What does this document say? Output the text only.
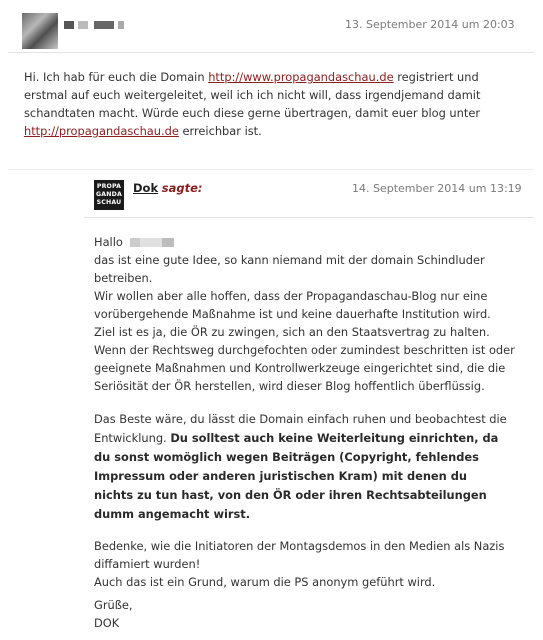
13. September 2014 um 20:03
Hi. Ich hab für euch die Domain http://www.propagandaschau.de registriert und
erstmal auf euch weitergeleitet, weil ich ich nicht will, dass irgendjemand damit
schandtaten macht. Würde euch diese gerne übertragen, damit euer blog unter
http://propagandaschau.de erreichbar ist.
PROPA
GANDA
SCHAU
Dok sagte:	14. September 2014 um 13:19
Hallo
das ist eine gute Idee, so kann niemand mit der domain Schindluder
betreiben.
Wir wollen aber alle hoffen, dass der Propagandaschau-Blog nur eine
vorübergehende Maßnahme ist und keine dauerhafte Institution wird.
Ziel ist es ja, die ÖR zu zwingen, sich an den Staatsvertrag zu halten.
Wenn der Rechtsweg durchgefochten oder zumindest beschritten ist oder
geeignete Maßnahmen und Kontrollwerkzeuge eingerichtet sind, die die
Seriösität der ÖR herstellen, wird dieser Blog hoffentlich überflüssig.
Das Beste wäre, du lässt die Domain einfach ruhen und beobachtest die
Entwicklung. Du solltest auch keine Weiterleitung einrichten, da
du sonst womöglich wegen Beiträgen (Copyright, fehlendes
Impressum oder anderen juristischen Kram) mit denen du
nichts zu tun hast, von den ÖR oder ihren Rechtsabteilungen
dumm angemacht wirst.
Bedenke, wie die Initiatoren der Montagsdemos in den Medien als Nazis
diffamiert wurden!
Auch das ist ein Grund, warum die PS anonym geführt wird.
Grüße,
DOK
